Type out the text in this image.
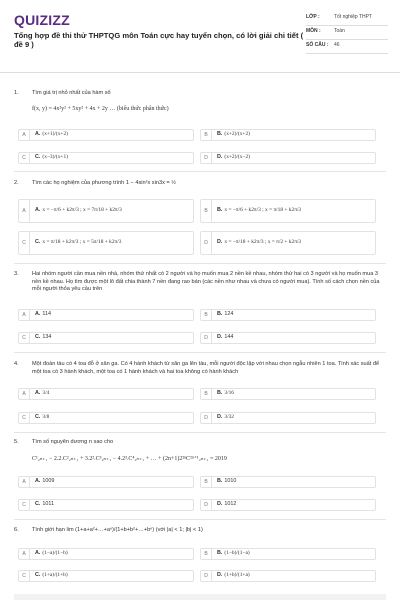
QUIZIZZ
Tổng hợp đề thi thử THPTQG môn Toán cực hay tuyển chọn, có lời giải chi tiết ( đề 9 )
LỚP :	Tốt nghiệp THPT
MÔN :	Toán
SỐ CÂU :	46
1.	Tìm giá trị nhỏ nhất của hàm số
f(x, y) = 4x²y² + 5xy² + 4x + 2y … (biểu thức phân thức)
A	A. (x+1)/(x+2)	B	B. (x+2)/(x+2)
C	C. (x−3)/(x+1)	D	D. (x+2)/(x−2)
2.	Tìm các họ nghiệm của phương trình 1 − 4sin²x sin3x = ½
A	A. x = −π/6 + k2π/3 ; x = 7π/18 + k2π/3	B	B. x = −π/6 + k2π/3 ; x = π/18 + k2π/3
C	C. x = π/18 + k2π/3 ; x = 5π/18 + k2π/3	D	D. x = −π/18 + k2π/3 ; x = π/2 + k2π/3
3.	Hai nhóm người cần mua nền nhà, nhóm thứ nhất có 2 người và họ muốn mua 2 nền kề nhau, nhóm thứ hai có 3 người và họ muốn mua 3 nền kề nhau. Họ tìm được một lô đất chia thành 7 nền đang rao bán (các nền như nhau và chưa có người mua). Tính số cách chọn nền của mỗi người thỏa yêu cầu trên
A	A. 114	B	B. 124
C	C. 134	D	D. 144
4.	Một đoàn tàu có 4 toa đỗ ở sân ga. Có 4 hành khách từ sân ga lên tàu, mỗi người độc lập với nhau chọn ngẫu nhiên 1 toa. Tính xác suất để một toa có 3 hành khách, một toa có 1 hành khách và hai toa không có hành khách
A	A. 3/4	B	B. 3/16
C	C. 3/8	D	D. 3/32
5.	Tìm số nguyên dương n sao cho
C¹₂ₙ₊₁ − 2.2.C²₂ₙ₊₁ + 3.2².C³₂ₙ₊₁ − 4.2³.C⁴₂ₙ₊₁ + … + (2n+1)2²ⁿC²ⁿ⁺¹₂ₙ₊₁ = 2019
A	A. 1009	B	B. 1010
C	C. 1011	D	D. 1012
6.	Tính giới hạn lim (1+a+a²+…+aⁿ)/(1+b+b²+…+bⁿ) (với |a| < 1; |b| < 1)
A	A. (1−a)/(1−b)	B	B. (1−b)/(1−a)
C	C. (1+a)/(1+b)	D	D. (1+b)/(1+a)
